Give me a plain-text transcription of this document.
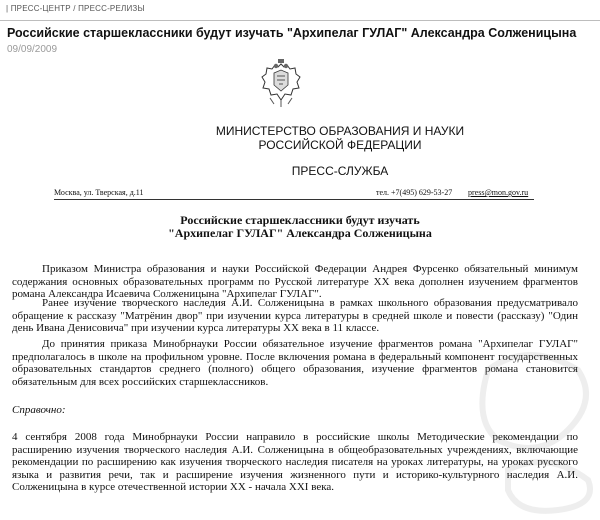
| ПРЕСС-ЦЕНТР / ПРЕСС-РЕЛИЗЫ
Российские старшеклассники будут изучать "Архипелаг ГУЛАГ" Александра Солженицына
09/09/2009
МИНИСТЕРСТВО ОБРАЗОВАНИЯ И НАУКИ
РОССИЙСКОЙ ФЕДЕРАЦИИ
ПРЕСС-СЛУЖБА
Москва, ул. Тверская, д.11	тел. +7(495) 629-53-27 press@mon.gov.ru
Российские старшеклассники будут изучать
"Архипелаг ГУЛАГ" Александра Солженицына

Приказом Министра образования и науки Российской Федерации Андрея Фурсенко обязательный минимум содержания основных образовательных программ по Русской литературе XX века дополнен изучением фрагментов романа Александра Исаевича Солженицына "Архипелаг ГУЛАГ".

Ранее изучение творческого наследия А.И. Солженицына в рамках школьного образования предусматривало обращение к рассказу "Матрёнин двор" при изучении курса литературы в средней школе и повести (рассказу) "Один день Ивана Денисовича" при изучении курса литературы XX века в 11 классе.

До принятия приказа Минобрнауки России обязательное изучение фрагментов романа "Архипелаг ГУЛАГ" предполагалось в школе на профильном уровне. После включения романа в федеральный компонент государственных образовательных стандартов среднего (полного) общего образования, изучение фрагментов романа становится обязательным для всех российских старшеклассников.

Справочно:

4 сентября 2008 года Минобрнауки России направило в российские школы Методические рекомендации по расширению изучения творческого наследия А.И. Солженицына в общеобразовательных учреждениях, включающие рекомендации по расширению как изучения творческого наследия писателя на уроках литературы, на уроках русского языка и развития речи, так и расширение изучения жизненного пути и историко-культурного наследия А.И. Солженицына в курсе отечественной истории XX - начала XXI века.
